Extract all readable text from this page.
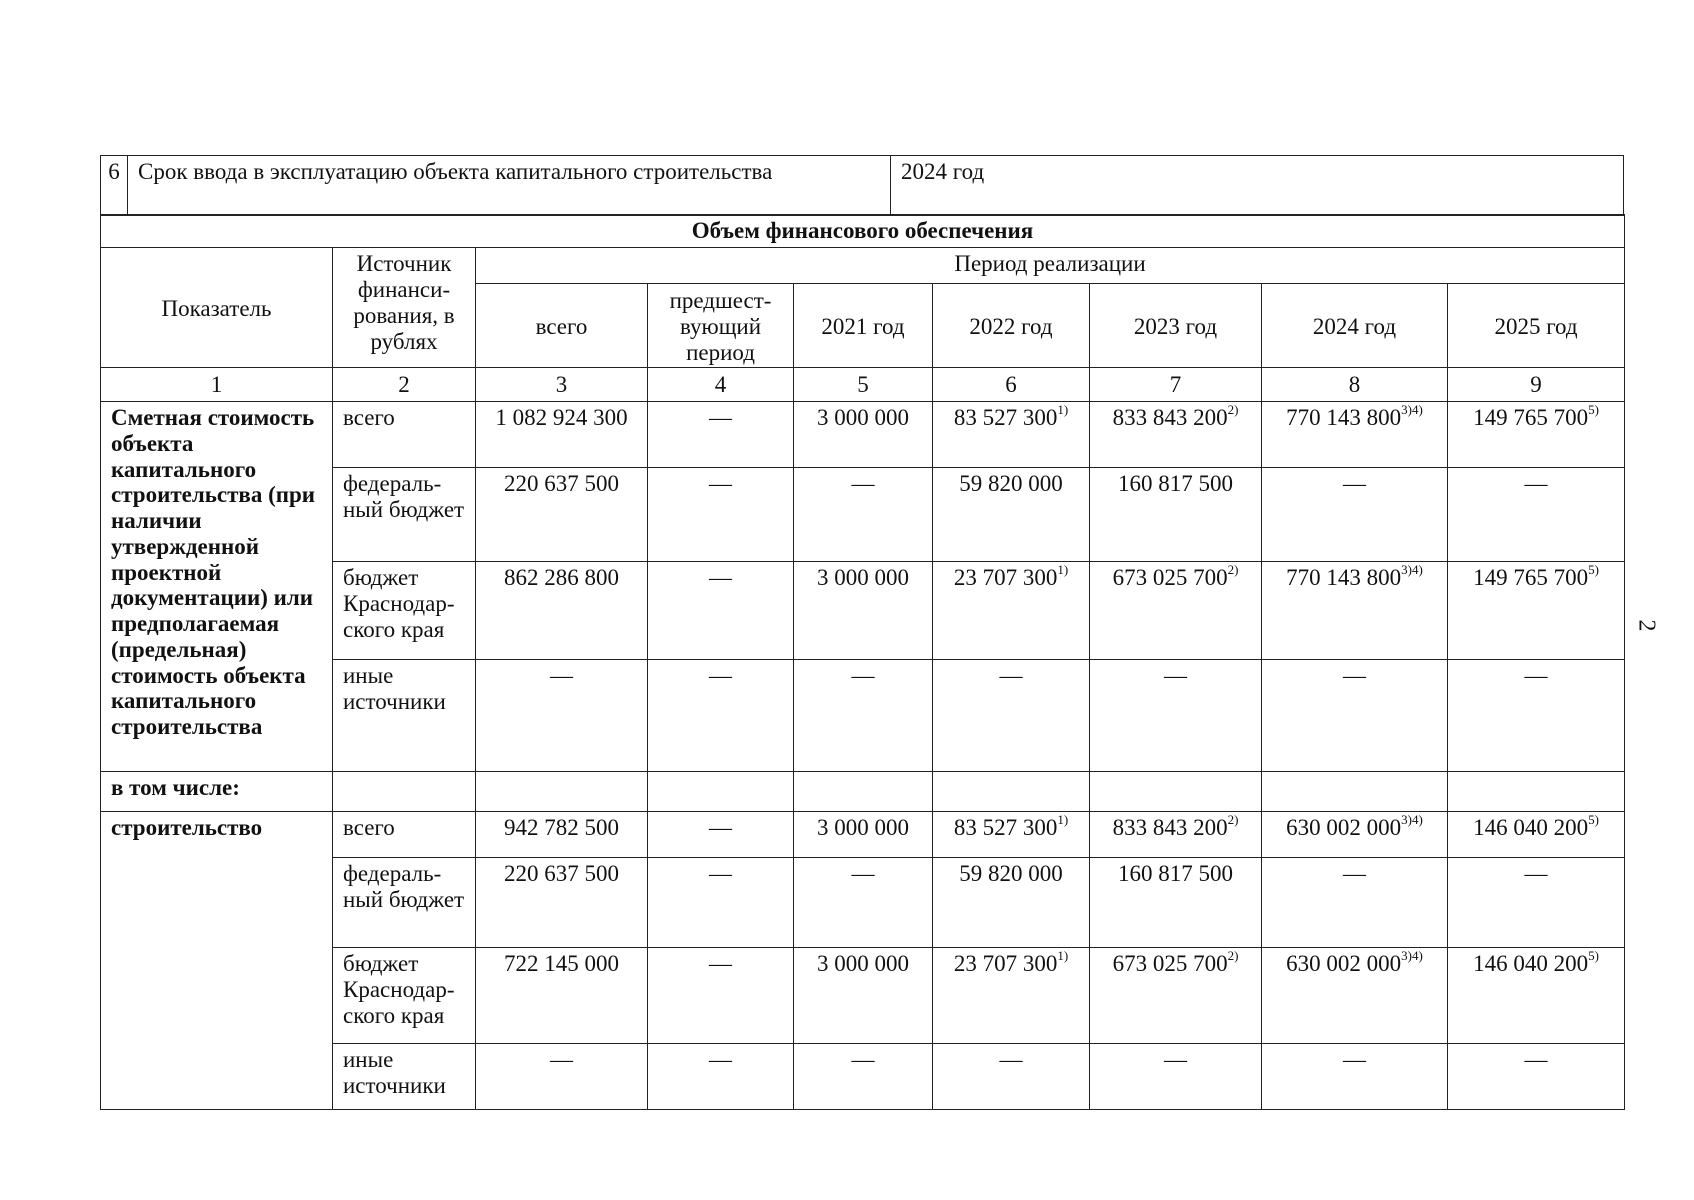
2
6	Срок ввода в эксплуатацию объекта капитального строительства	2024 год
Объем финансового обеспечения								
Показатель	Источник финанси-рования, в рублях	Период реализации						
		всего	предшест-вующий период	2021 год	2022 год	2023 год	2024 год	2025 год
1	2	3	4	5	6	7	8	9
Сметная стоимость объекта капитального строительства (при наличии утвержденной проектной документации) или предполагаемая (предельная) стоимость объекта капитального строительства	всего	1 082 924 300	—	3 000 000	83 527 300$^{1)}$	833 843 200$^{2)}$	770 143 $800^{3)4)}$	149 765 700$^{5)}$
	федераль-ный бюджет	220 637 500	—	—	59 820 000	160 817 500	—	—
	бюджет Краснодар-ского края	862 286 800	—	3 000 000	23 707 300$^{1)}$	673 025 700$^{2)}$	770 143 $800^{3)4)}$	149 765 700$^{5)}$
	иные источники	—	—	—	—	—	—	—
в том числе:								
строительство	всего	942 782 500	—	3 000 000	83 527 300$^{1)}$	833 843 200$^{2)}$	630 002 $000^{3)4)}$	146 040 200$^{5)}$
	федераль-ный бюджет	220 637 500	—	—	59 820 000	160 817 500	—	—
	бюджет Краснодар-ского края	722 145 000	—	3 000 000	23 707 300$^{1)}$	673 025 700$^{2)}$	630 002 $000^{3)4)}$	146 040 200$^{5)}$
	иные источники	—	—	—	—	—	—	—
